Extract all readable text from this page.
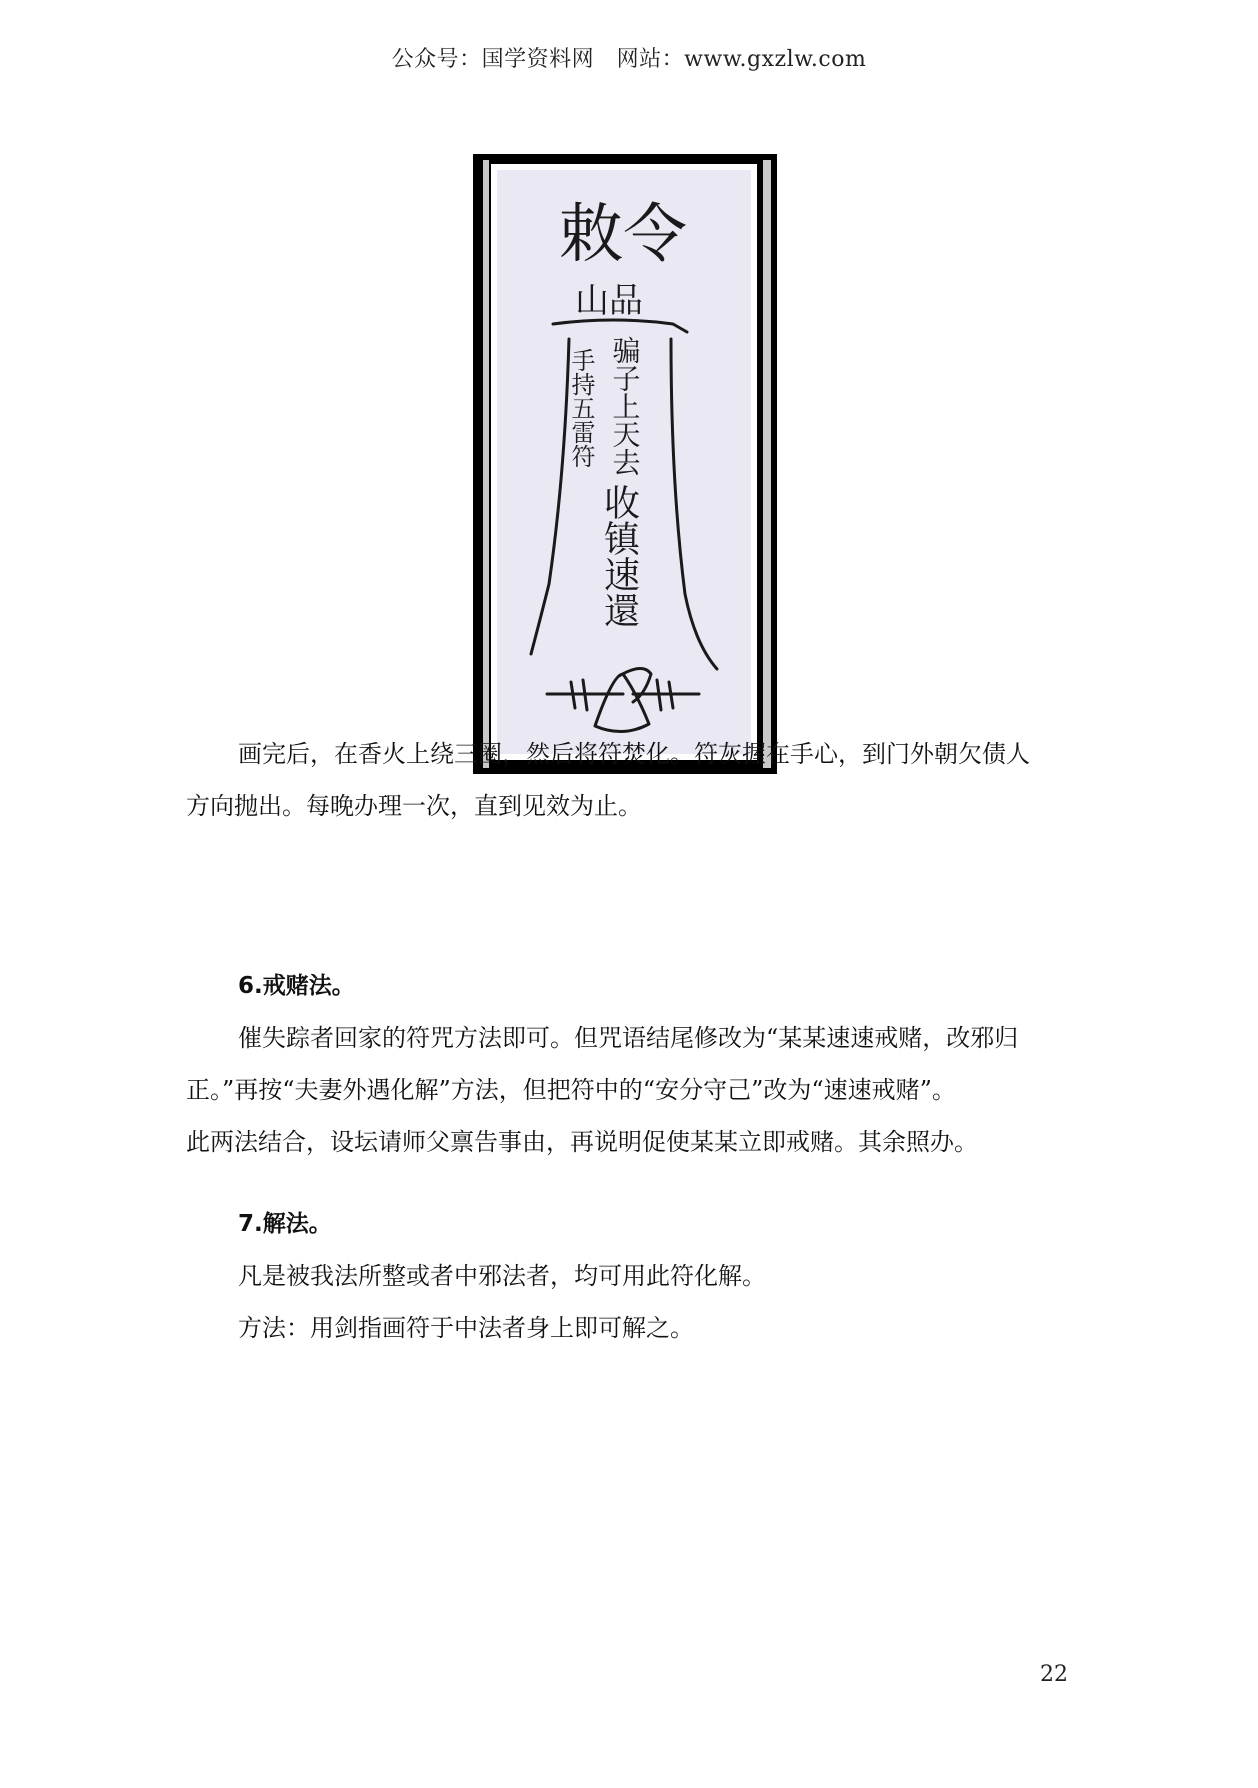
公众号：国学资料网　网站：www.gxzlw.com
敕令
山品
骗子上天去
手持五雷符
收镇速還

画完后，在香火上绕三圈，然后将符焚化。符灰握在手心，到门外朝欠债人

方向抛出。每晚办理一次，直到见效为止。

6.戒赌法。

催失踪者回家的符咒方法即可。但咒语结尾修改为“某某速速戒赌，改邪归

正。”再按“夫妻外遇化解”方法，但把符中的“安分守己”改为“速速戒赌”。

此两法结合，设坛请师父禀告事由，再说明促使某某立即戒赌。其余照办。

7.解法。

凡是被我法所整或者中邪法者，均可用此符化解。

方法：用剑指画符于中法者身上即可解之。

22
